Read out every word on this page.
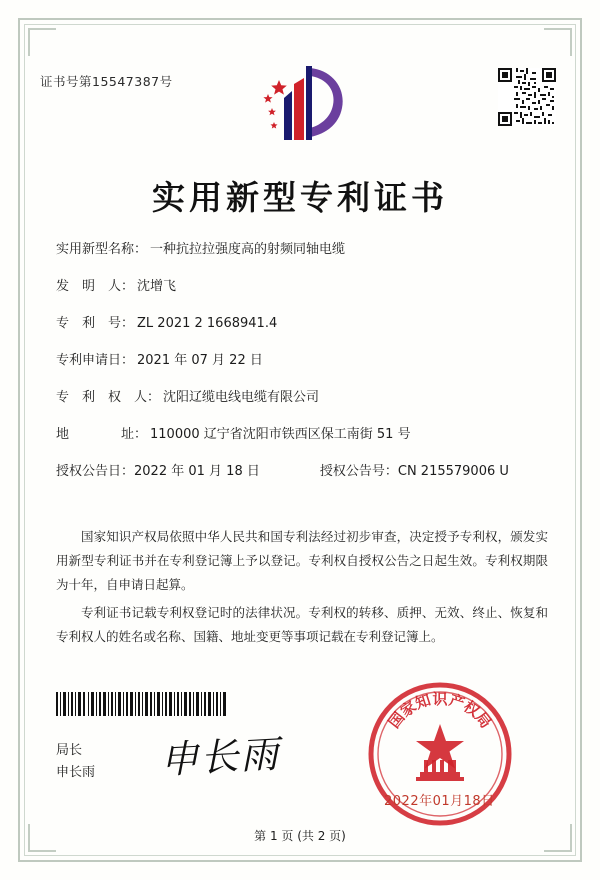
证书号第15547387号
实用新型专利证书
实用新型名称： 一种抗拉拉强度高的射频同轴电缆
发　明　人： 沈增飞
专　利　号： ZL 2021 2 1668941.4
专利申请日： 2021 年 07 月 22 日
专　利　权　人： 沈阳辽缆电线电缆有限公司
地　　　　址： 110000 辽宁省沈阳市铁西区保工南街 51 号
授权公告日： 2022 年 01 月 18 日	授权公告号： CN 215579006 U

国家知识产权局依照中华人民共和国专利法经过初步审查，决定授予专利权，颁发实用新型专利证书并在专利登记簿上予以登记。专利权自授权公告之日起生效。专利权期限为十年，自申请日起算。

专利证书记载专利权登记时的法律状况。专利权的转移、质押、无效、终止、恢复和专利权人的姓名或名称、国籍、地址变更等事项记载在专利登记簿上。

局长
申长雨 申长雨
国
家
知 识 产
权
局
2022年01月18日
第 1 页 (共 2 页)
